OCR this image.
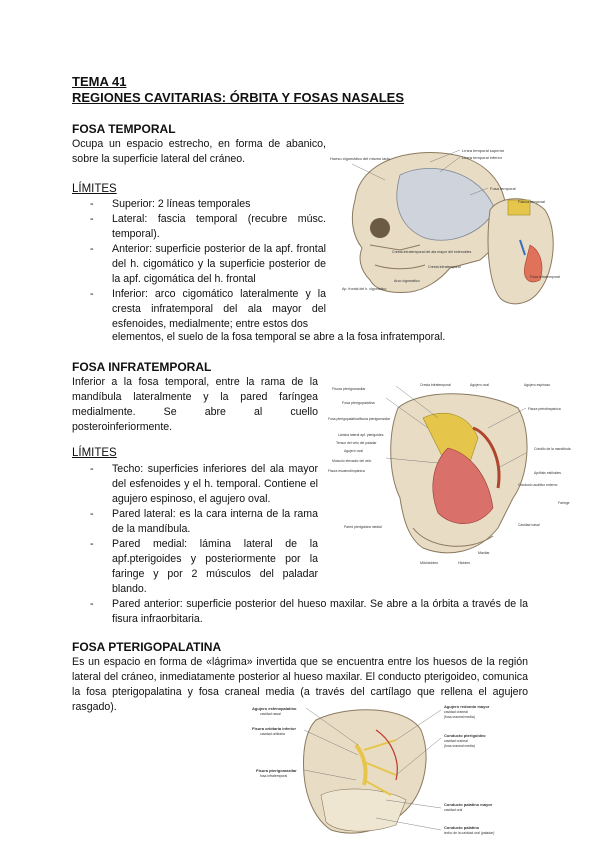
TEMA 41
REGIONES CAVITARIAS: ÓRBITA Y FOSAS NASALES
FOSA TEMPORAL
Ocupa un espacio estrecho, en forma de abanico, sobre la superficie lateral del cráneo.
LÍMITES
- Superior: 2 líneas temporales
- Lateral: fascia temporal (recubre músc. temporal).
- Anterior: superficie posterior de la apf. frontal del h. cigomático y la superficie posterior de la apf. cigomática del h. frontal
- Inferior: arco cigomático lateralmente y la cresta infratemporal del ala mayor del esfenoides, medialmente; entre estos dos
elementos, el suelo de la fosa temporal se abre a la fosa infratemporal.
Línea temporal superior
Línea temporal inferior
Hueso cigomático del mismo lado
Fosa temporal
Cresta infratemporal del ala mayor del esfenoides
Cresta infratemporal
Arco cigomático
Ap. frontal del h. cigomático
Fascia temporal
Fosa infratemporal
FOSA INFRATEMPORAL
Inferior a la fosa temporal, entre la rama de la mandíbula lateralmente y la pared faríngea medialmente. Se abre al cuello posteroinferiormente.
LÍMITES
- Techo: superficies inferiores del ala mayor del esfenoides y el h. temporal. Contiene el agujero espinoso, el agujero oval.
- Pared lateral: es la cara interna de la rama de la mandíbula.
- Pared medial: lámina lateral de la apf.pterigoides y posteriormente por la faringe y por 2 músculos del paladar blando.
- Pared anterior: superficie posterior del hueso maxilar. Se abre a la órbita a través de la fisura infraorbitaria.
Fisura pterigomaxilar
Fosa pterigopalatina
Fosa pterigopalatina/fisura pterigomaxilar
Lámina lateral apf. pterigoides
Tensor del velo del paladar
Agujero oval
Músculo elevador del velo
Fisura escamotimpánica
Pared pterigoidea medial
Cresta infratemporal	Agujero oval	Agujero espinoso
Fisura petrotimpánica
Cóndilo de la mandíbula
Apófisis estiloides
Conducto auditivo externo
Faringe
Cavidad nasal
Hioides
Milohioideo
Maxilar
FOSA PTERIGOPALATINA
Es un espacio en forma de «lágrima» invertida que se encuentra entre los huesos de la región lateral del cráneo, inmediatamente posterior al hueso maxilar. El conducto pterigoideo, comunica la fosa pterigopalatina y fosa craneal media (a través del cartílago que rellena el agujero rasgado).	Agujero esfenopalatino
cavidad nasal
Fisura orbitaria inferior
cavidad orbitaria
Fisura pterigomaxilar
fosa infratemporal
Agujero redondo mayor
cavidad craneal
(fosa craneal media)
Conducto pterigoideo
cavidad craneal
(fosa craneal media)
Conducto palatino mayor
cavidad oral
Conducto palatino
techo de la cavidad oral (paladar)
